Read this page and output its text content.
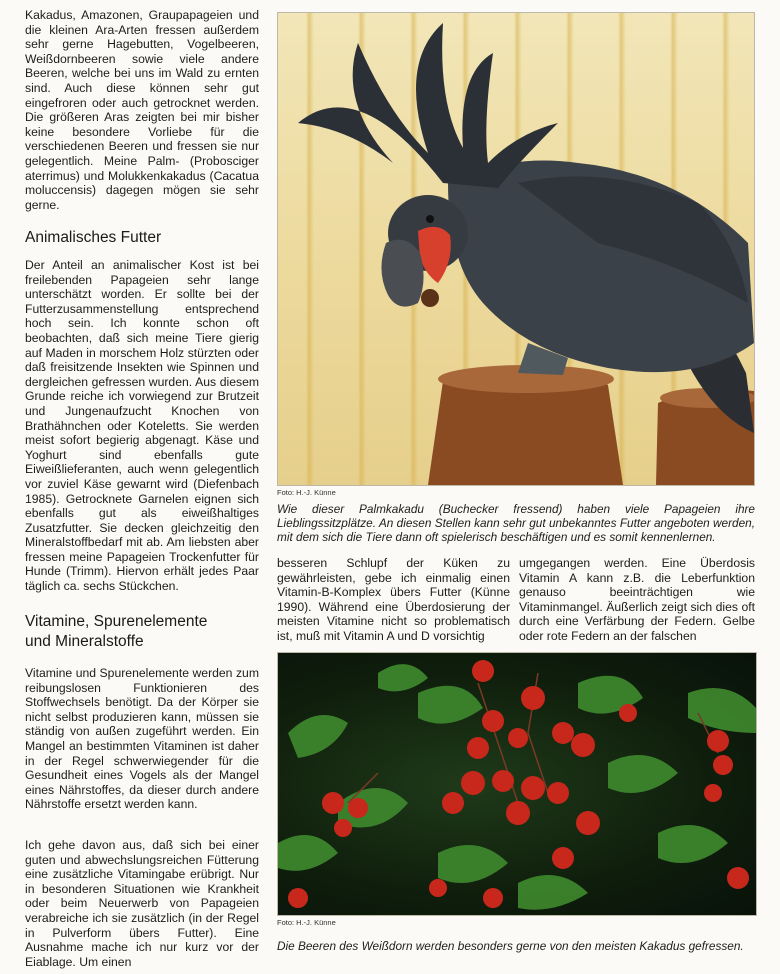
Kakadus, Amazonen, Graupapageien und die kleinen Ara-Arten fressen außerdem sehr gerne Hagebutten, Vogelbeeren, Weißdornbeeren sowie viele andere Beeren, welche bei uns im Wald zu ernten sind. Auch diese können sehr gut eingefroren oder auch getrocknet werden. Die größeren Aras zeigten bei mir bisher keine besondere Vorliebe für die verschiedenen Beeren und fressen sie nur gelegentlich. Meine Palm- (Probosciger aterrimus) und Molukkenkakadus (Cacatua moluccensis) dagegen mögen sie sehr gerne.

Animalisches Futter

Der Anteil an animalischer Kost ist bei freilebenden Papageien sehr lange unterschätzt worden. Er sollte bei der Futterzusammenstellung entsprechend hoch sein. Ich konnte schon oft beobachten, daß sich meine Tiere gierig auf Maden in morschem Holz stürzten oder daß freisitzende Insekten wie Spinnen und dergleichen gefressen wurden. Aus diesem Grunde reiche ich vorwiegend zur Brutzeit und Jungenaufzucht Knochen von Brathähnchen oder Koteletts. Sie werden meist sofort begierig abgenagt. Käse und Yoghurt sind ebenfalls gute Eiweißlieferanten, auch wenn gelegentlich vor zuviel Käse gewarnt wird (Diefenbach 1985). Getrocknete Garnelen eignen sich ebenfalls gut als eiweißhaltiges Zusatzfutter. Sie decken gleichzeitig den Mineralstoffbedarf mit ab. Am liebsten aber fressen meine Papageien Trockenfutter für Hunde (Trimm). Hiervon erhält jedes Paar täglich ca. sechs Stückchen.

Vitamine, Spurenelemente
und Mineralstoffe

Vitamine und Spurenelemente werden zum reibungslosen Funktionieren des Stoffwechsels benötigt. Da der Körper sie nicht selbst produzieren kann, müssen sie ständig von außen zugeführt werden. Ein Mangel an bestimmten Vitaminen ist daher in der Regel schwerwiegender für die Gesundheit eines Vogels als der Mangel eines Nährstoffes, da dieser durch andere Nährstoffe ersetzt werden kann.

Ich gehe davon aus, daß sich bei einer guten und abwechslungsreichen Fütterung eine zusätzliche Vitamingabe erübrigt. Nur in besonderen Situationen wie Krankheit oder beim Neuerwerb von Papageien verabreiche ich sie zusätzlich (in der Regel in Pulverform übers Futter). Eine Ausnahme mache ich nur kurz vor der Eiablage. Um einen

Foto: H.-J. Künne
Wie dieser Palmkakadu (Buchecker fressend) haben viele Papageien ihre Lieblingssitzplätze. An diesen Stellen kann sehr gut unbekanntes Futter angeboten werden, mit dem sich die Tiere dann oft spielerisch beschäftigen und es somit kennenlernen.

besseren Schlupf der Küken zu gewährleisten, gebe ich einmalig einen Vitamin-B-Komplex übers Futter (Künne 1990). Während eine Überdosierung der meisten Vitamine nicht so problematisch ist, muß mit Vitamin A und D vorsichtig

umgegangen werden. Eine Überdosis Vitamin A kann z.B. die Leberfunktion genauso beeinträchtigen wie Vitaminmangel. Äußerlich zeigt sich dies oft durch eine Verfärbung der Federn. Gelbe oder rote Federn an der falschen

Foto: H.-J. Künne
Die Beeren des Weißdorn werden besonders gerne von den meisten Kakadus gefressen.
